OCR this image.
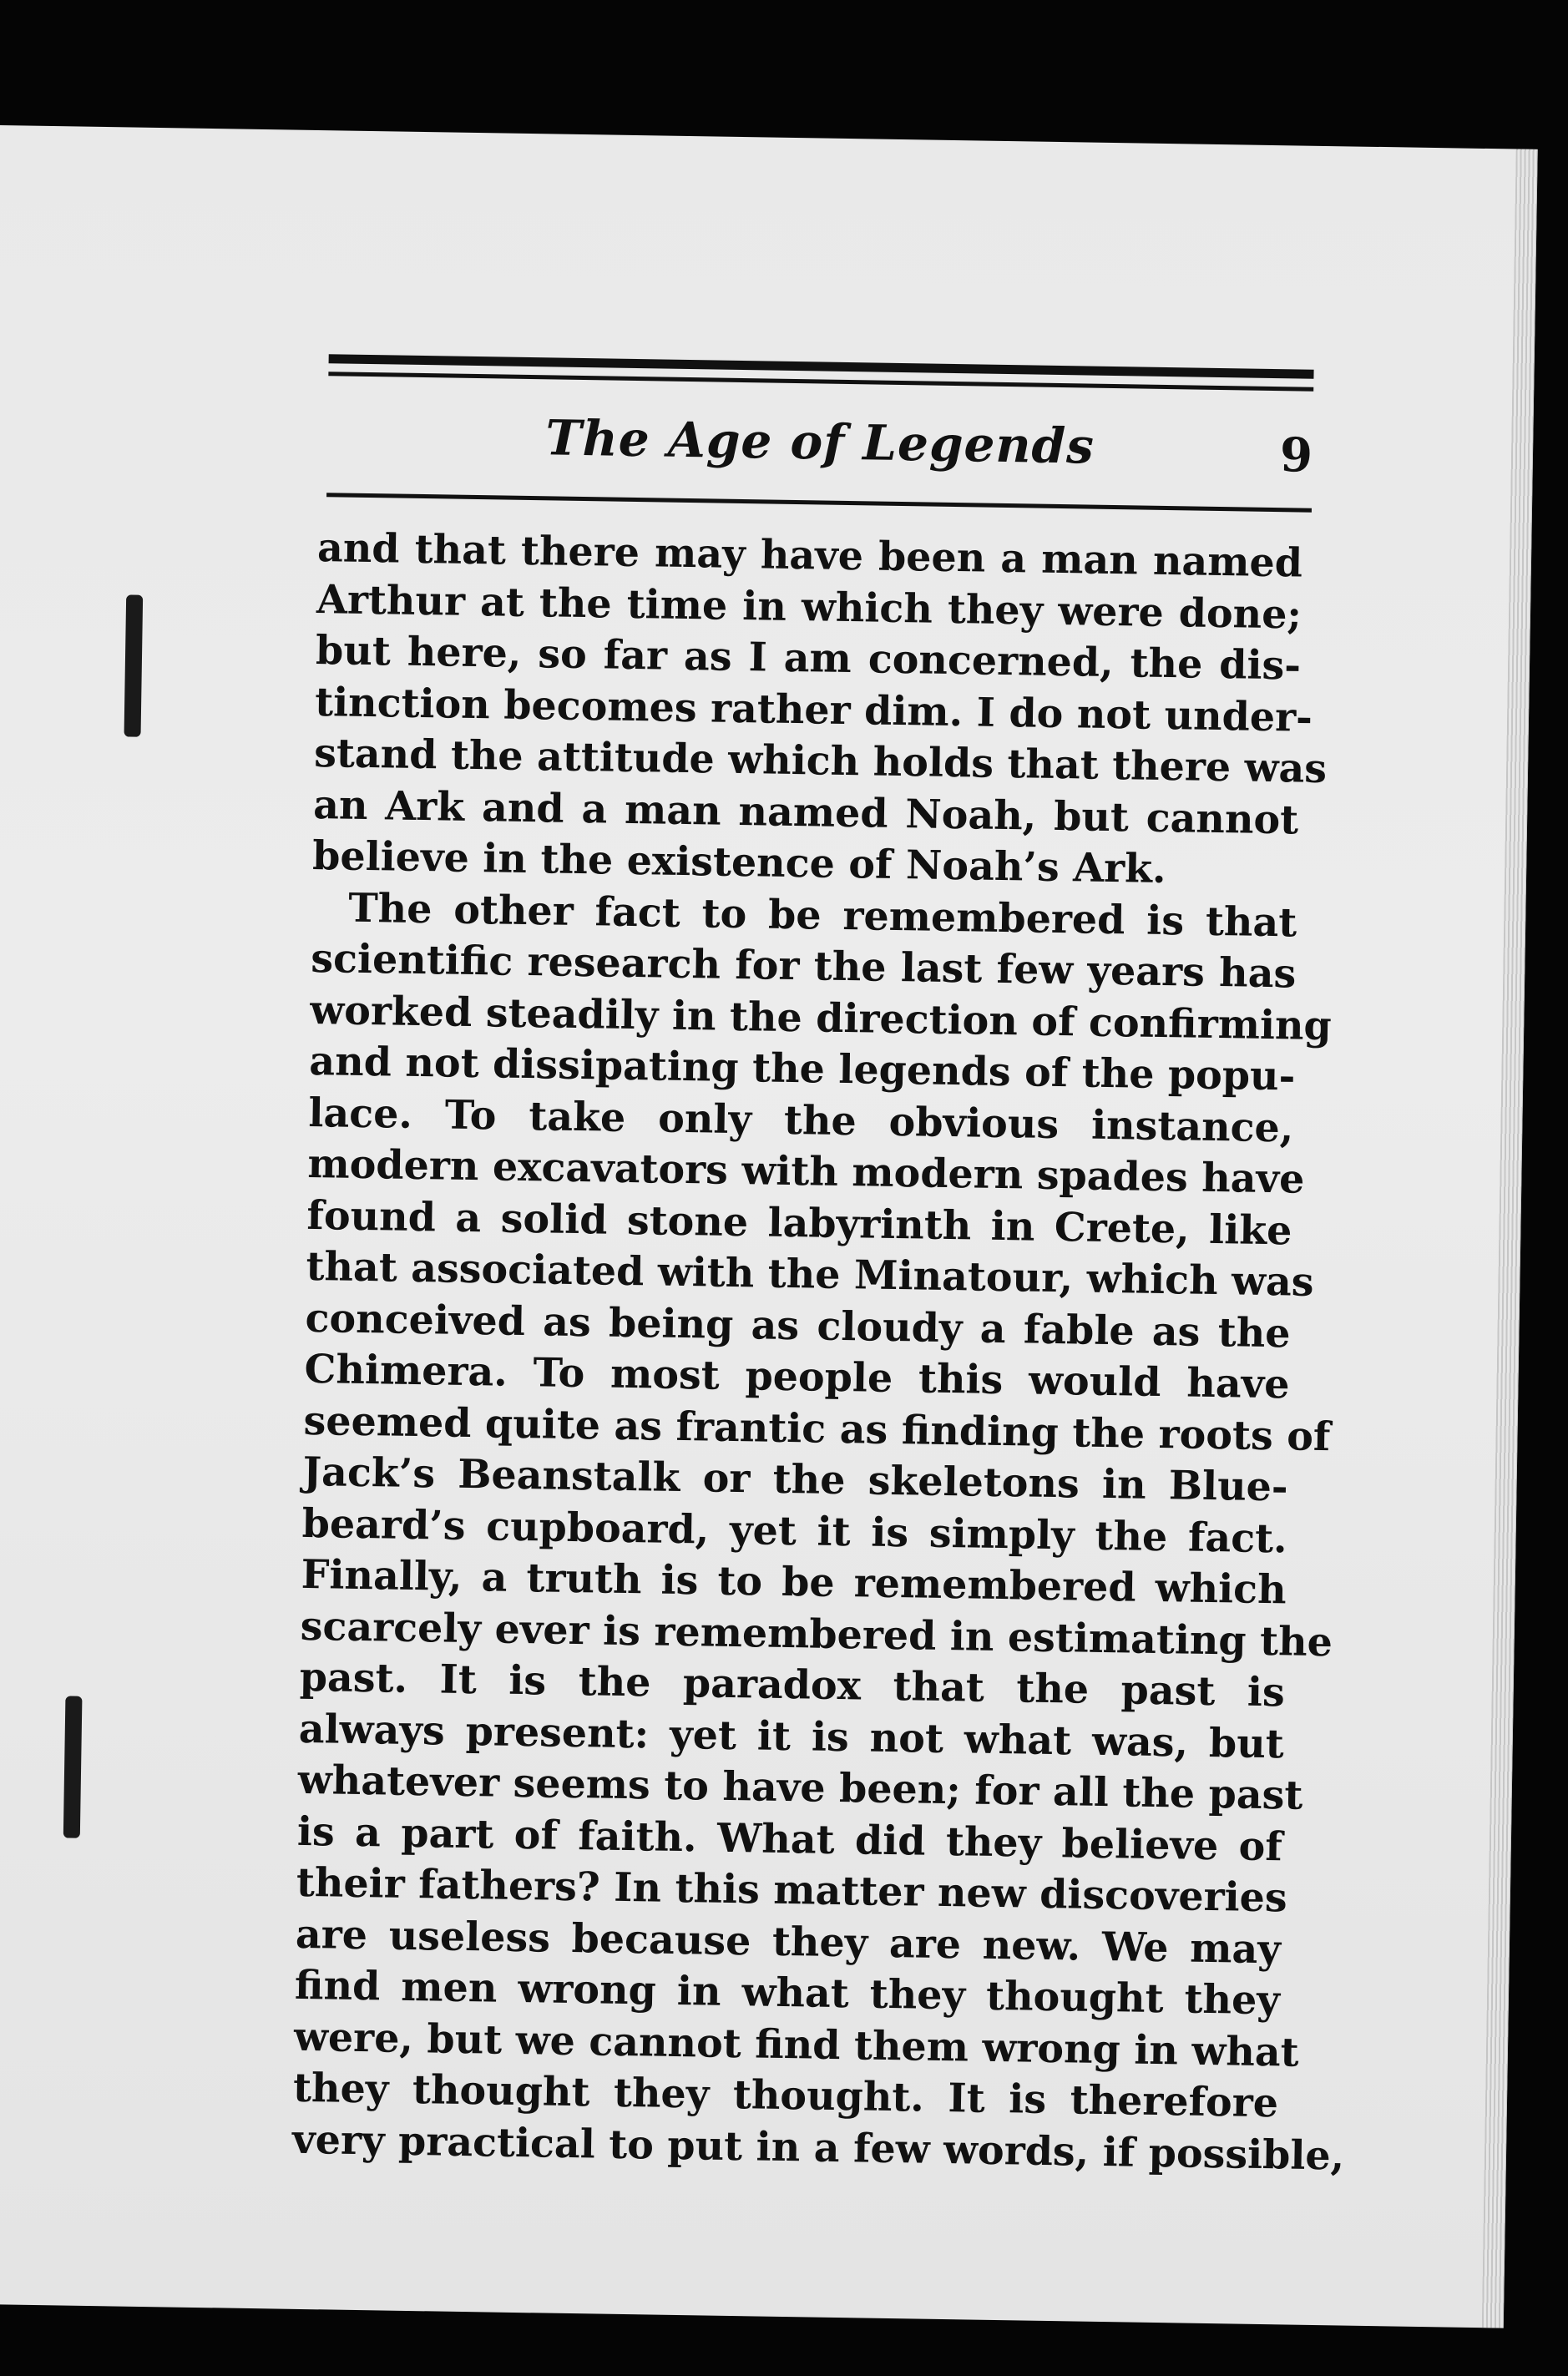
The Age of Legends	9
and that there may have been a man named
Arthur at the time in which they were done;
but here, so far as I am concerned, the dis-
tinction becomes rather dim. I do not under-
stand the attitude which holds that there was
an Ark and a man named Noah, but cannot
believe in the existence of Noah’s Ark.
The other fact to be remembered is that
scientific research for the last few years has
worked steadily in the direction of confirming
and not dissipating the legends of the popu-
lace. To take only the obvious instance,
modern excavators with modern spades have
found a solid stone labyrinth in Crete, like
that associated with the Minatour, which was
conceived as being as cloudy a fable as the
Chimera. To most people this would have
seemed quite as frantic as finding the roots of
Jack’s Beanstalk or the skeletons in Blue-
beard’s cupboard, yet it is simply the fact.
Finally, a truth is to be remembered which
scarcely ever is remembered in estimating the
past. It is the paradox that the past is
always present: yet it is not what was, but
whatever seems to have been; for all the past
is a part of faith. What did they believe of
their fathers? In this matter new discoveries
are useless because they are new. We may
find men wrong in what they thought they
were, but we cannot find them wrong in what
they thought they thought. It is therefore
very practical to put in a few words, if possible,
